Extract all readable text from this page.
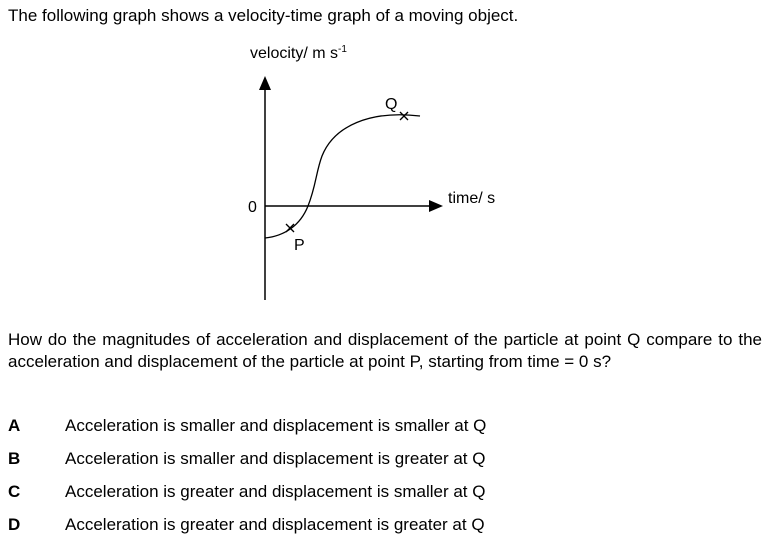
The following graph shows a velocity-time graph of a moving object.
velocity/ m $s^{-1}$
time/ s
0
P
Q
How do the magnitudes of acceleration and displacement of the particle at point Q compare to the acceleration and displacement of the particle at point P, starting from time = 0 s?
A	Acceleration is smaller and displacement is smaller at Q
B	Acceleration is smaller and displacement is greater at Q
C	Acceleration is greater and displacement is smaller at Q
D	Acceleration is greater and displacement is greater at Q
